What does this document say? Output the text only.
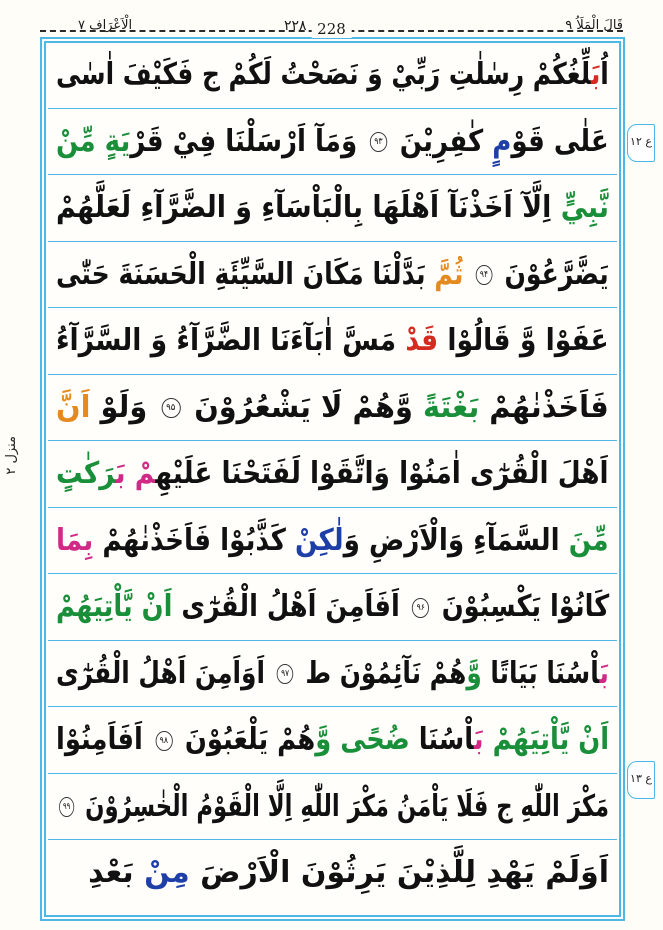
الْاَعْرَاف ۷	۲۲۸ 228	قَالَ الْمَلَاُ ۹
منزل ۲
ع ١٢
ع ١٣
اُبَلِّغُكُمْ رِسٰلٰتِ رَبِّيْ وَ نَصَحْتُ لَكُمْ ج فَكَيْفَ اٰسٰى
عَلٰى قَوْمٍ كٰفِرِيْنَ ۹۳ وَمَآ اَرْسَلْنَا فِيْ قَرْيَةٍ مِّنْ
نَّبِيٍّ اِلَّآ اَخَذْنَآ اَهْلَهَا بِالْبَاْسَآءِ وَ الضَّرَّآءِ لَعَلَّهُمْ
يَضَّرَّعُوْنَ ۹۴ ثُمَّ بَدَّلْنَا مَكَانَ السَّيِّئَةِ الْحَسَنَةَ حَتّٰى
عَفَوْا وَّ قَالُوْا قَدْ مَسَّ اٰبَآءَنَا الضَّرَّآءُ وَ السَّرَّآءُ
فَاَخَذْنٰهُمْ بَغْتَةً وَّهُمْ لَا يَشْعُرُوْنَ ۹۵ وَلَوْ اَنَّ
اَهْلَ الْقُرٰٓى اٰمَنُوْا وَاتَّقَوْا لَفَتَحْنَا عَلَيْهِمْ بَرَكٰتٍ
مِّنَ السَّمَآءِ وَالْاَرْضِ وَلٰكِنْ كَذَّبُوْا فَاَخَذْنٰهُمْ بِمَا
كَانُوْا يَكْسِبُوْنَ ۹۶ اَفَاَمِنَ اَهْلُ الْقُرٰٓى اَنْ يَّاْتِيَهُمْ
بَاْسُنَا بَيَاتًا وَّهُمْ نَآئِمُوْنَ ط ۹۷ اَوَاَمِنَ اَهْلُ الْقُرٰٓى
اَنْ يَّاْتِيَهُمْ بَاْسُنَا ضُحًى وَّهُمْ يَلْعَبُوْنَ ۹۸ اَفَاَمِنُوْا
مَكْرَ اللّٰهِ ج فَلَا يَاْمَنُ مَكْرَ اللّٰهِ اِلَّا الْقَوْمُ الْخٰسِرُوْنَ ۹۹
اَوَلَمْ يَهْدِ لِلَّذِيْنَ يَرِثُوْنَ الْاَرْضَ مِنْ بَعْدِ
